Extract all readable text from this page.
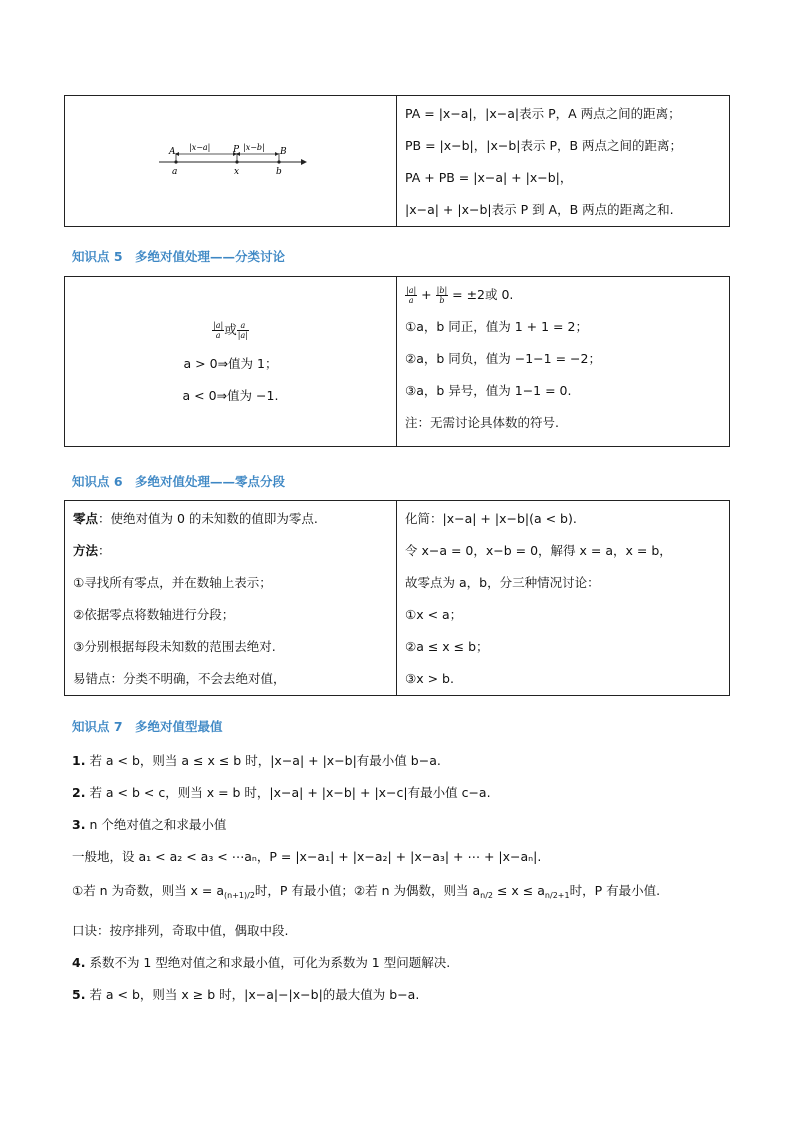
A |x−a|	P |x−b| B
a	x	b

PA = |x−a|，|x−a|表示 P，A 两点之间的距离；
PB = |x−b|，|x−b|表示 P，B 两点之间的距离；
PA + PB = |x−a| + |x−b|，
|x−a| + |x−b|表示 P 到 A，B 两点的距离之和.
知识点 5　多绝对值处理——分类讨论
$\frac{|a|}{a}$ 或 $\frac{a}{|a|}$
a > 0⇒值为 1；
a < 0⇒值为 −1.

$\frac{|a|}{a} + \frac{|b|}{b} = \pm 2$或 0.
①a，b 同正，值为 1 + 1 = 2；
②a，b 同负，值为 −1−1 = −2；
③a，b 异号，值为 1−1 = 0.
注：无需讨论具体数的符号.
知识点 6　多绝对值处理——零点分段
零点：使绝对值为 0 的未知数的值即为零点.
方法：
①寻找所有零点，并在数轴上表示；
②依据零点将数轴进行分段；
③分别根据每段未知数的范围去绝对.
易错点：分类不明确，不会去绝对值，

化简：|x−a| + |x−b|(a < b).
令 x−a = 0，x−b = 0，解得 x = a，x = b，
故零点为 a，b，分三种情况讨论：
①x < a；
②a ≤ x ≤ b；
③x > b.
知识点 7　多绝对值型最值
1. 若 a < b，则当 a ≤ x ≤ b 时，|x−a| + |x−b|有最小值 b−a.
2. 若 a < b < c，则当 x = b 时，|x−a| + |x−b| + |x−c|有最小值 c−a.
3. n 个绝对值之和求最小值
一般地，设 a₁ < a₂ < a₃ < ⋯aₙ，P = |x−a₁| + |x−a₂| + |x−a₃| + ⋯ + |x−aₙ|.
①若 n 为奇数，则当 $x = a_{(n+1)/2}$时，P 有最小值；②若 n 为偶数，则当 $a_{n/2} \le x \le a_{n/2+1}$时，P 有最小值.
口诀：按序排列，奇取中值，偶取中段.
4. 系数不为 1 型绝对值之和求最小值，可化为系数为 1 型问题解决.
5. 若 a < b，则当 x ≥ b 时，|x−a|−|x−b|的最大值为 b−a.
